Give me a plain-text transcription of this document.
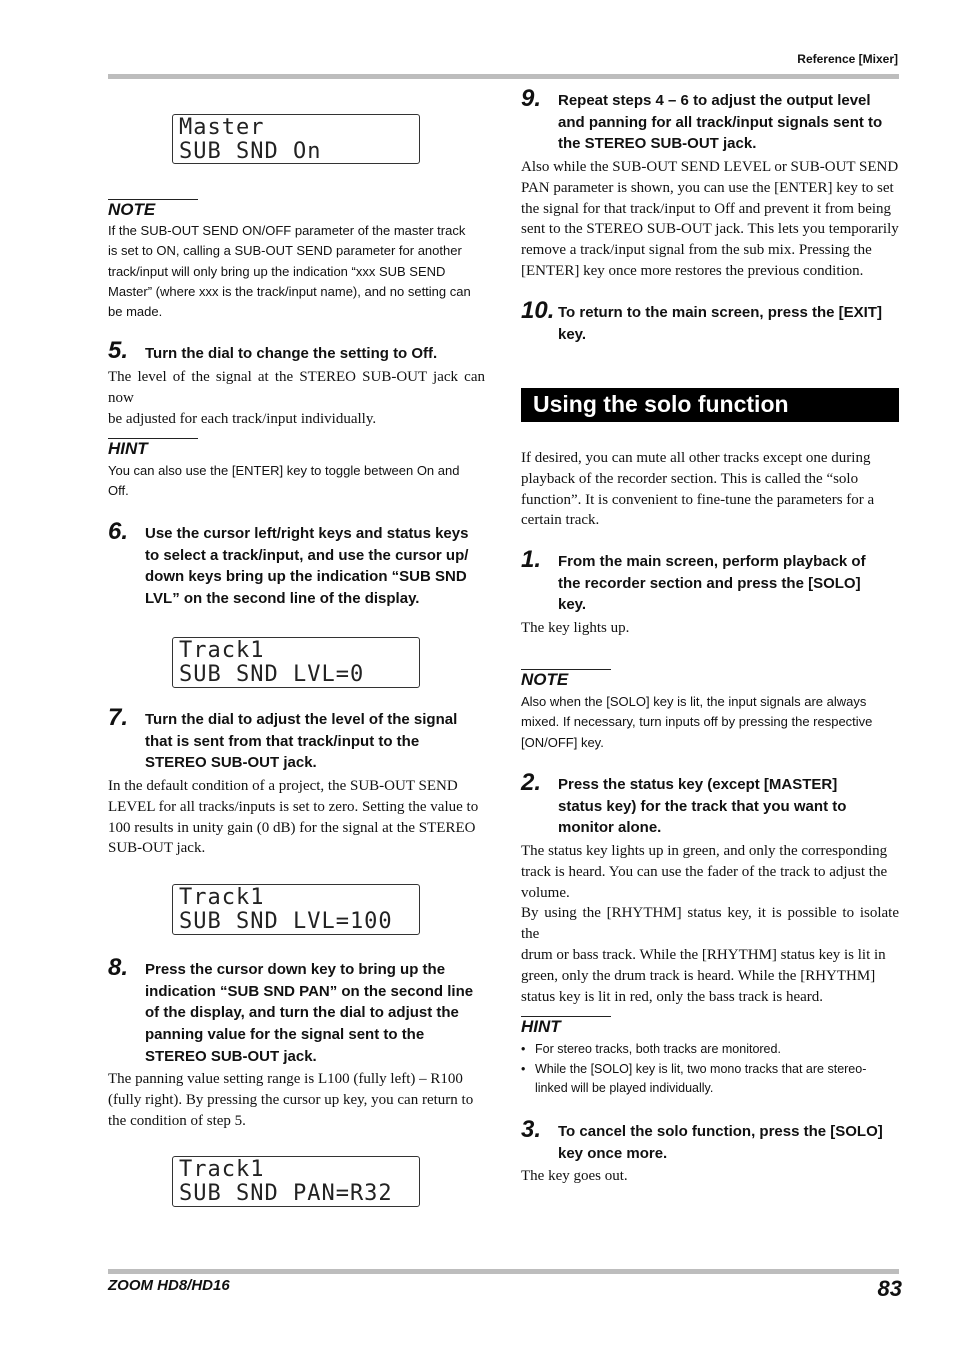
Reference [Mixer]
Master
SUB SND On
NOTE
If the SUB-OUT SEND ON/OFF parameter of the master track
is set to ON, calling a SUB-OUT SEND parameter for another
track/input will only bring up the indication “xxx SUB SEND
Master” (where xxx is the track/input name), and no setting can
be made.
5. Turn the dial to change the setting to Off.
The level of the signal at the STEREO SUB-OUT jack can now
be adjusted for each track/input individually.
HINT
You can also use the [ENTER] key to toggle between On and
Off.
6. Use the cursor left/right keys and status keys
to select a track/input, and use the cursor up/
down keys bring up the indication “SUB SND
LVL” on the second line of the display.
Track1
SUB SND LVL=0
7. Turn the dial to adjust the level of the signal
that is sent from that track/input to the
STEREO SUB-OUT jack.
In the default condition of a project, the SUB-OUT SEND
LEVEL for all tracks/inputs is set to zero. Setting the value to
100 results in unity gain (0 dB) for the signal at the STEREO
SUB-OUT jack.
Track1
SUB SND LVL=100
8. Press the cursor down key to bring up the
indication “SUB SND PAN” on the second line
of the display, and turn the dial to adjust the
panning value for the signal sent to the
STEREO SUB-OUT jack.
The panning value setting range is L100 (fully left) – R100
(fully right). By pressing the cursor up key, you can return to
the condition of step 5.
Track1
SUB SND PAN=R32
9. Repeat steps 4 – 6 to adjust the output level
and panning for all track/input signals sent to
the STEREO SUB-OUT jack.
Also while the SUB-OUT SEND LEVEL or SUB-OUT SEND
PAN parameter is shown, you can use the [ENTER] key to set
the signal for that track/input to Off and prevent it from being
sent to the STEREO SUB-OUT jack. This lets you temporarily
remove a track/input signal from the sub mix. Pressing the
[ENTER] key once more restores the previous condition.
10. To return to the main screen, press the [EXIT]
key.
Using the solo function
If desired, you can mute all other tracks except one during
playback of the recorder section. This is called the “solo
function”. It is convenient to fine-tune the parameters for a
certain track.
1. From the main screen, perform playback of
the recorder section and press the [SOLO]
key.
The key lights up.
NOTE
Also when the [SOLO] key is lit, the input signals are always
mixed. If necessary, turn inputs off by pressing the respective
[ON/OFF] key.
2. Press the status key (except [MASTER]
status key) for the track that you want to
monitor alone.
The status key lights up in green, and only the corresponding
track is heard. You can use the fader of the track to adjust the
volume.
By using the [RHYTHM] status key, it is possible to isolate the
drum or bass track. While the [RHYTHM] status key is lit in
green, only the drum track is heard. While the [RHYTHM]
status key is lit in red, only the bass track is heard.
HINT
• For stereo tracks, both tracks are monitored.
• While the [SOLO] key is lit, two mono tracks that are stereo-
linked will be played individually.
3. To cancel the solo function, press the [SOLO]
key once more.
The key goes out.
ZOOM HD8/HD16	83
